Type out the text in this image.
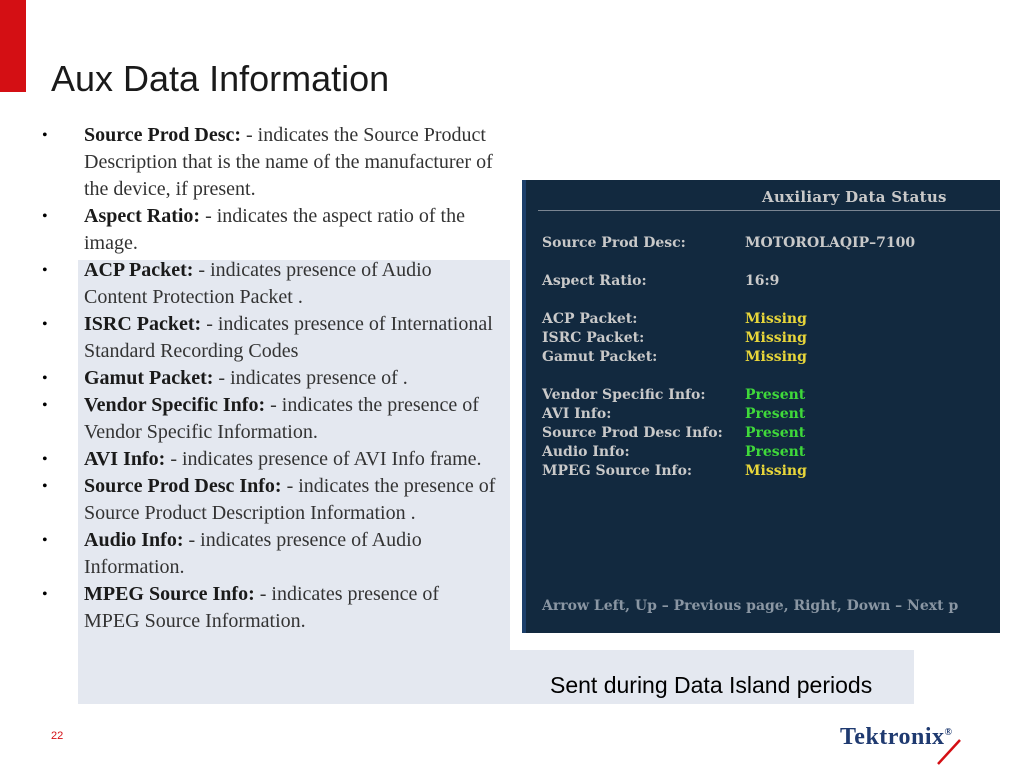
Aux Data Information
• Source Prod Desc: - indicates the Source Product Description that is the name of the manufacturer of the device, if present.
• Aspect Ratio: - indicates the aspect ratio of the image.
• ACP Packet: - indicates presence of Audio Content Protection Packet .
• ISRC Packet: - indicates presence of International Standard Recording Codes
• Gamut Packet: - indicates presence of .
• Vendor Specific Info: - indicates the presence of Vendor Specific Information.
• AVI Info: - indicates presence of AVI Info frame.
• Source Prod Desc Info: - indicates the presence of Source Product Description Information .
• Audio Info: - indicates presence of Audio Information.
• MPEG Source Info: - indicates presence of MPEG Source Information.
Auxiliary Data Status
Arrow Left, Up – Previous page, Right, Down – Next p
Source Prod Desc:	MOTOROLAQIP–7100
Aspect Ratio:	16:9
ACP Packet:	Missing
ISRC Packet:	Missing
Gamut Packet:	Missing
Vendor Specific Info:	Present
AVI Info:	Present
Source Prod Desc Info: Present
Audio Info:	Present
MPEG Source Info:	Missing
Sent during Data Island periods
22	Tektronix®
